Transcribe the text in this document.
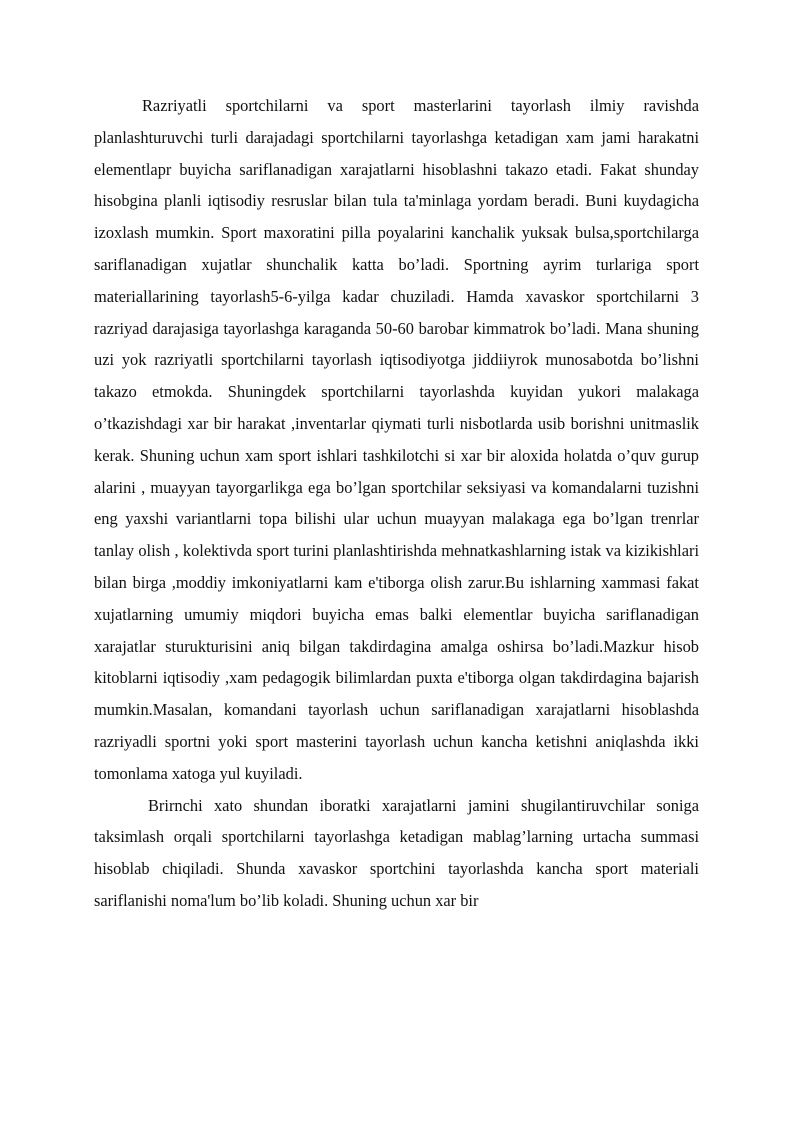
Razriyatli sportchilarni va sport masterlarini tayorlash ilmiy ravishda planlashturuvchi turli darajadagi sportchilarni tayorlashga ketadigan xam jami harakatni elementlapr buyicha sariflanadigan xarajatlarni hisoblashni takazo etadi. Fakat shunday hisobgina planli iqtisodiy resruslar bilan tula ta'minlaga yordam beradi. Buni kuydagicha izoxlash mumkin. Sport maxoratini pilla poyalarini kanchalik yuksak bulsa,sportchilarga sariflanadigan xujatlar shunchalik katta bo’ladi. Sportning ayrim turlariga sport materiallarining tayorlash5-6-yilga kadar chuziladi. Hamda xavaskor sportchilarni 3 razriyad darajasiga tayorlashga karaganda 50-60 barobar kimmatrok bo’ladi. Mana shuning uzi yok razriyatli sportchilarni tayorlash iqtisodiyotga jiddiiyrok munosabotda bo’lishni takazo etmokda. Shuningdek sportchilarni tayorlashda kuyidan yukori malakaga o’tkazishdagi xar bir harakat ,inventarlar qiymati turli nisbotlarda usib borishni unitmaslik kerak. Shuning uchun xam sport ishlari tashkilotchi si xar bir aloxida holatda o’quv gurup alarini , muayyan tayorgarlikga ega bo’lgan sportchilar seksiyasi va komandalarni tuzishni eng yaxshi variantlarni topa bilishi ular uchun muayyan malakaga ega bo’lgan trenrlar tanlay olish , kolektivda sport turini planlashtirishda mehnatkashlarning istak va kizikishlari bilan birga ,moddiy imkoniyatlarni kam e'tiborga olish zarur.Bu ishlarning xammasi fakat xujatlarning umumiy miqdori buyicha emas balki elementlar buyicha sariflanadigan xarajatlar sturukturisini aniq bilgan takdirdagina amalga oshirsa bo’ladi.Mazkur hisob kitoblarni iqtisodiy ,xam pedagogik bilimlardan puxta e'tiborga olgan takdirdagina bajarish mumkin.Masalan, komandani tayorlash uchun sariflanadigan xarajatlarni hisoblashda razriyadli sportni yoki sport masterini tayorlash uchun kancha ketishni aniqlashda ikki tomonlama xatoga yul kuyiladi.

Brirnchi xato shundan iboratki xarajatlarni jamini shugilantiruvchilar soniga taksimlash orqali sportchilarni tayorlashga ketadigan mablag’larning urtacha summasi hisoblab chiqiladi. Shunda xavaskor sportchini tayorlashda kancha sport materiali sariflanishi noma'lum bo’lib koladi. Shuning uchun xar bir
